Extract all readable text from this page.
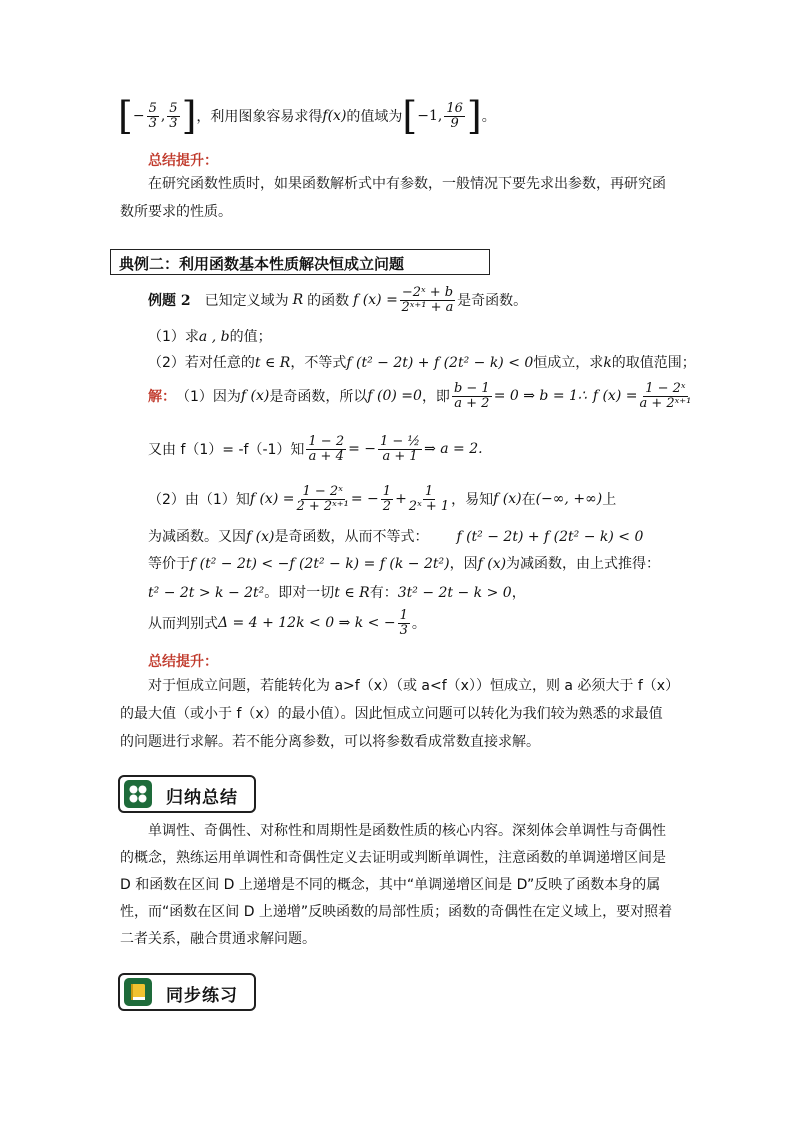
[ − $\frac{5}{3}$ , $\frac{5}{3}$ ] ，利用图象容易求得 f(x) 的值域为 [ −1, $\frac{16}{9}$ ] 。
总结提升：
在研究函数性质时，如果函数解析式中有参数，一般情况下要先求出参数，再研究函数所要求的性质。
典例二：利用函数基本性质解决恒成立问题
例题 2 已知定义域为 R 的函数 f $(x) = \frac{\text{−2ˣ + b}}{\text{2ˣ⁺¹ + a}}$ 是奇函数。
（1）求a , b的值；
（2）若对任意的t ∈ R，不等式f (t² − 2t) + f (2t² − k) < 0恒成立，求k的取值范围；
解： （1）因为 f (x) 是奇函数，所以 f (0) =0 ，即 $\frac{b - 1}{a + 2} = 0$ ⇒ b = 1∴ f $(x) = \frac{\text{1 − 2ˣ}}{\text{a + 2ˣ⁺¹}}$
又由 f（1）= -f（-1）知 $\frac{1 - 2}{a + 4}$ = − $\frac{\text{1 − ½}}{a + 1}$ ⇒ a = 2.
（2）由（1）知 f $(x) = \frac{\text{1 − 2ˣ}}{\text{2 + 2ˣ⁺¹}}$ = − $\frac{1}{2} + \frac{1}{\text{2ˣ + 1}}$ ，易知 f (x) 在 (−∞, +∞) 上
为减函数。又因f (x)是奇函数，从而不等式： f (t² − 2t) + f (2t² − k) < 0
等价于f (t² − 2t) < −f (2t² − k) = f (k − 2t²)，因f (x)为减函数，由上式推得：
t² − 2t > k − 2t²。即对一切t ∈ R有：3t² − 2t − k > 0，
从而判别式 Δ = 4 + 12k < 0 ⇒ k < − $\frac{1}{3}$ 。
总结提升：
对于恒成立问题，若能转化为 a>f（x）（或 a<f（x））恒成立，则 a 必须大于 f（x）的最大值（或小于 f（x）的最小值）。因此恒成立问题可以转化为我们较为熟悉的求最值的问题进行求解。若不能分离参数，可以将参数看成常数直接求解。
归纳总结
单调性、奇偶性、对称性和周期性是函数性质的核心内容。深刻体会单调性与奇偶性的概念，熟练运用单调性和奇偶性定义去证明或判断单调性，注意函数的单调递增区间是 D 和函数在区间 D 上递增是不同的概念，其中“单调递增区间是 D”反映了函数本身的属性，而“函数在区间 D 上递增”反映函数的局部性质；函数的奇偶性在定义域上，要对照着二者关系，融合贯通求解问题。
同步练习
